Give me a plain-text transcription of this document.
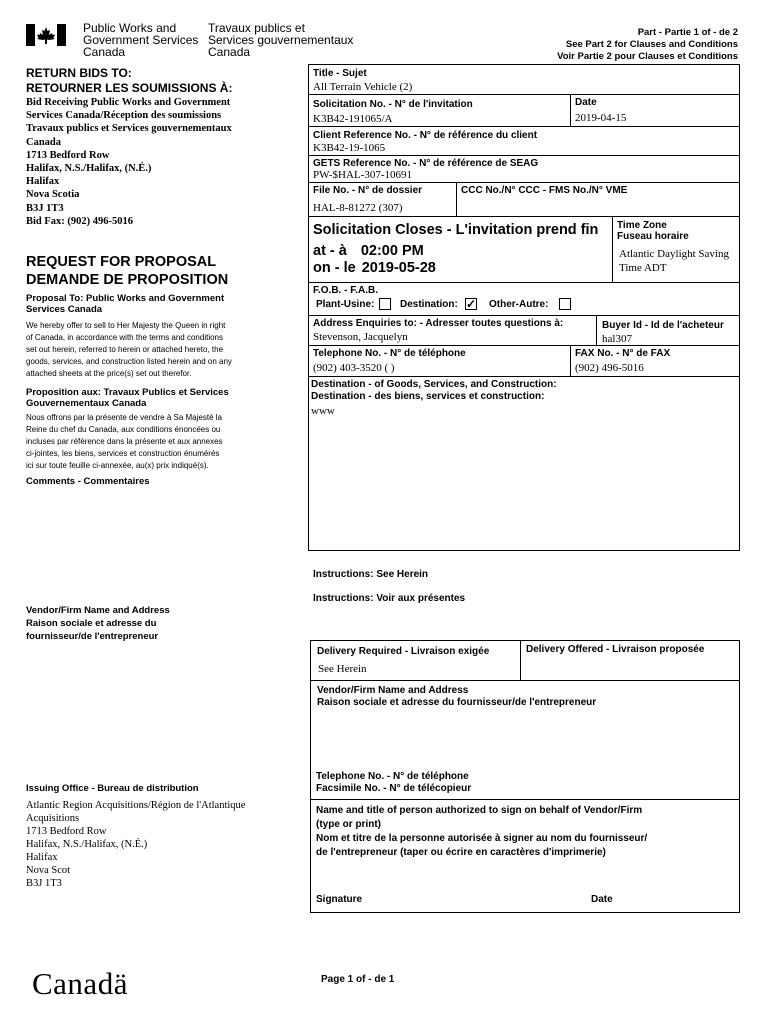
Public Works and
Government Services
Canada
Travaux publics et
Services gouvernementaux
Canada
Part - Partie 1 of - de 2
See Part 2 for Clauses and Conditions
Voir Partie 2 pour Clauses et Conditions
RETURN BIDS TO:
RETOURNER LES SOUMISSIONS À:
Bid Receiving Public Works and Government
Services Canada/Réception des soumissions
Travaux publics et Services gouvernementaux
Canada
1713 Bedford Row
Halifax, N.S./Halifax, (N.É.)
Halifax
Nova Scotia
B3J 1T3
Bid Fax: (902) 496-5016
REQUEST FOR PROPOSAL
DEMANDE DE PROPOSITION
Proposal To: Public Works and Government
Services Canada
We hereby offer to sell to Her Majesty the Queen in right
of Canada, in accordance with the terms and conditions
set out herein, referred to herein or attached hereto, the
goods, services, and construction listed herein and on any
attached sheets at the price(s) set out therefor.
Proposition aux: Travaux Publics et Services
Gouvernementaux Canada
Nous offrons par la présente de vendre à Sa Majesté la
Reine du chef du Canada, aux conditions énoncées ou
incluses par référence dans la présente et aux annexes
ci-jointes, les biens, services et construction énumérés
ici sur toute feuille ci-annexée, au(x) prix indiqué(s).
Comments - Commentaires
Vendor/Firm Name and Address
Raison sociale et adresse du
fournisseur/de l'entrepreneur
Issuing Office - Bureau de distribution
Atlantic Region Acquisitions/Région de l'Atlantique
Acquisitions
1713 Bedford Row
Halifax, N.S./Halifax, (N.É.)
Halifax
Nova Scot
B3J 1T3
Canadä
Title - Sujet
All Terrain Vehicle (2)
Solicitation No. - N° de l'invitation
K3B42-191065/A
Date
2019-04-15
Client Reference No. - N° de référence du client
K3B42-19-1065
GETS Reference No. - N° de référence de SEAG
PW-$HAL-307-10691
File No. - N° de dossier
HAL-8-81272 (307)
CCC No./N° CCC - FMS No./N° VME
Solicitation Closes - L'invitation prend fin
at - à 02:00 PM
on - le 2019-05-28
Time Zone
Fuseau horaire
Atlantic Daylight Saving
Time ADT
F.O.B. - F.A.B.
Plant-Usine:	Destination: ✓ Other-Autre:
Address Enquiries to: - Adresser toutes questions à:
Stevenson, Jacquelyn
Buyer Id - Id de l'acheteur
hal307
Telephone No. - N° de téléphone
(902) 403-3520 ( )
FAX No. - N° de FAX
(902) 496-5016
Destination - of Goods, Services, and Construction:
Destination - des biens, services et construction:
www
Instructions: See Herein
Instructions: Voir aux présentes
Delivery Required - Livraison exigée
See Herein
Delivery Offered - Livraison proposée
Vendor/Firm Name and Address
Raison sociale et adresse du fournisseur/de l'entrepreneur
Telephone No. - N° de téléphone
Facsimile No. - N° de télécopieur
Name and title of person authorized to sign on behalf of Vendor/Firm
(type or print)
Nom et titre de la personne autorisée à signer au nom du fournisseur/
de l'entrepreneur (taper ou écrire en caractères d'imprimerie)
Signature	Date
Page 1 of - de 1
